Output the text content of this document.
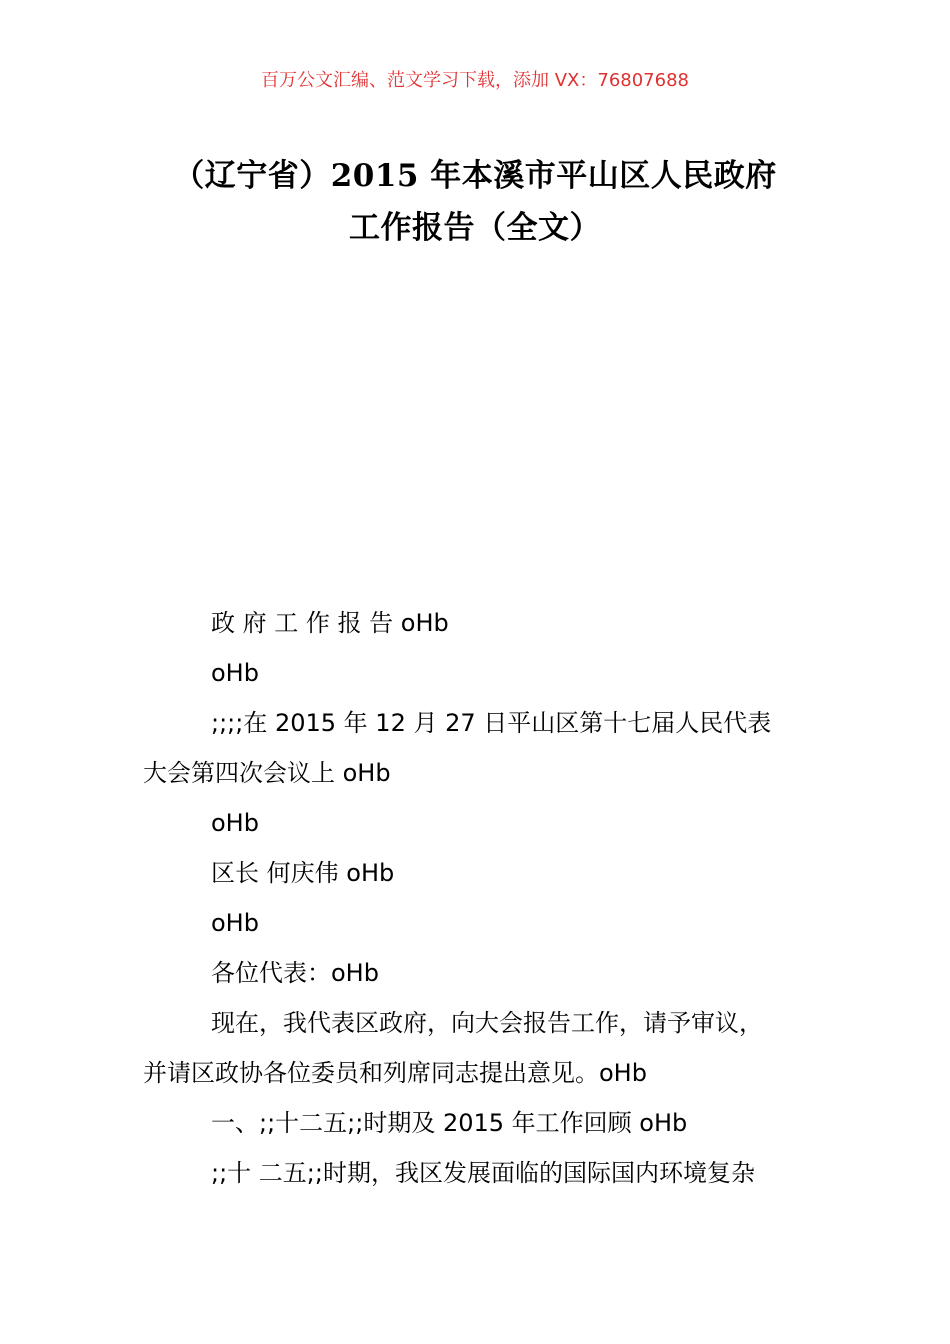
百万公文汇编、范文学习下载，添加 VX：76807688
（辽宁省）2015 年本溪市平山区人民政府
工作报告（全文）
政 府 工 作 报 告 oHb
oHb
;;;;在 2015 年 12 月 27 日平山区第十七届人民代表
大会第四次会议上 oHb
oHb
区长 何庆伟 oHb
oHb
各位代表：oHb
现在，我代表区政府，向大会报告工作，请予审议，
并请区政协各位委员和列席同志提出意见。oHb
一、;;十二五;;时期及 2015 年工作回顾 oHb
;;十 二五;;时期，我区发展面临的国际国内环境复杂
